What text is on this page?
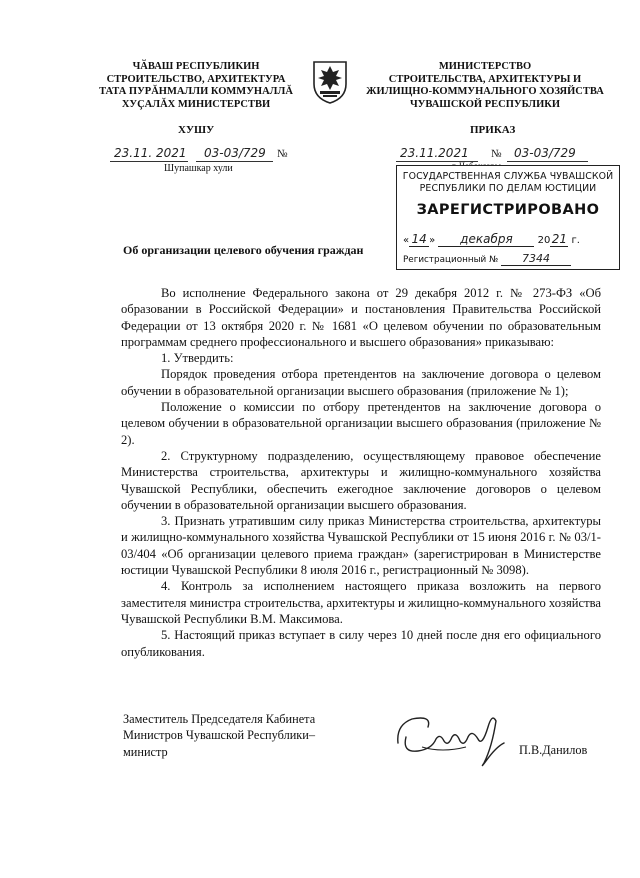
ЧӐВАШ РЕСПУБЛИКИН
СТРОИТЕЛЬСТВО, АРХИТЕКТУРА
ТАТА ПУРĂНМАЛЛИ КОММУНАЛЛĂ
ХУҪАЛĂХ МИНИСТЕРСТВИ
МИНИСТЕРСТВО
СТРОИТЕЛЬСТВА, АРХИТЕКТУРЫ И
ЖИЛИЩНО-КОММУНАЛЬНОГО ХОЗЯЙСТВА
ЧУВАШСКОЙ РЕСПУБЛИКИ
ХУШУ	ПРИКАЗ
23.11. 2021 03-03/729 №
Шупашкар хули
23.11.2021 № 03-03/729
ГОСУДАРСТВЕННАЯ СЛУЖБА ЧУВАШСКОЙ
РЕСПУБЛИКИ ПО ДЕЛАМ ЮСТИЦИИ
ЗАРЕГИСТРИРОВАНО
« 14 » декабря 2021 г.
Регистрационный № 7344
Об организации целевого обучения граждан

Во исполнение Федерального закона от 29 декабря 2012 г. № 273-ФЗ «Об образовании в Российской Федерации» и постановления Правительства Российской Федерации от 13 октября 2020 г. № 1681 «О целевом обучении по образовательным программам среднего профессионального и высшего образования» приказываю:

1. Утвердить:

Порядок проведения отбора претендентов на заключение договора о целевом обучении в образовательной организации высшего образования (приложение № 1);

Положение о комиссии по отбору претендентов на заключение договора о целевом обучении в образовательной организации высшего образования (приложение № 2).

2. Структурному подразделению, осуществляющему правовое обеспечение Министерства строительства, архитектуры и жилищно-коммунального хозяйства Чувашской Республики, обеспечить ежегодное заключение договоров о целевом обучении в образовательной организации высшего образования.

3. Признать утратившим силу приказ Министерства строительства, архитектуры и жилищно-коммунального хозяйства Чувашской Республики от 15 июня 2016 г. № 03/1-03/404 «Об организации целевого приема граждан» (зарегистрирован в Министерстве юстиции Чувашской Республики 8 июля 2016 г., регистрационный № 3098).

4. Контроль за исполнением настоящего приказа возложить на первого заместителя министра строительства, архитектуры и жилищно-коммунального хозяйства Чувашской Республики В.М. Максимова.

5. Настоящий приказ вступает в силу через 10 дней после дня его официального опубликования.

Заместитель Председателя Кабинета
Министров Чувашской Республики–
министр	П.В.Данилов
